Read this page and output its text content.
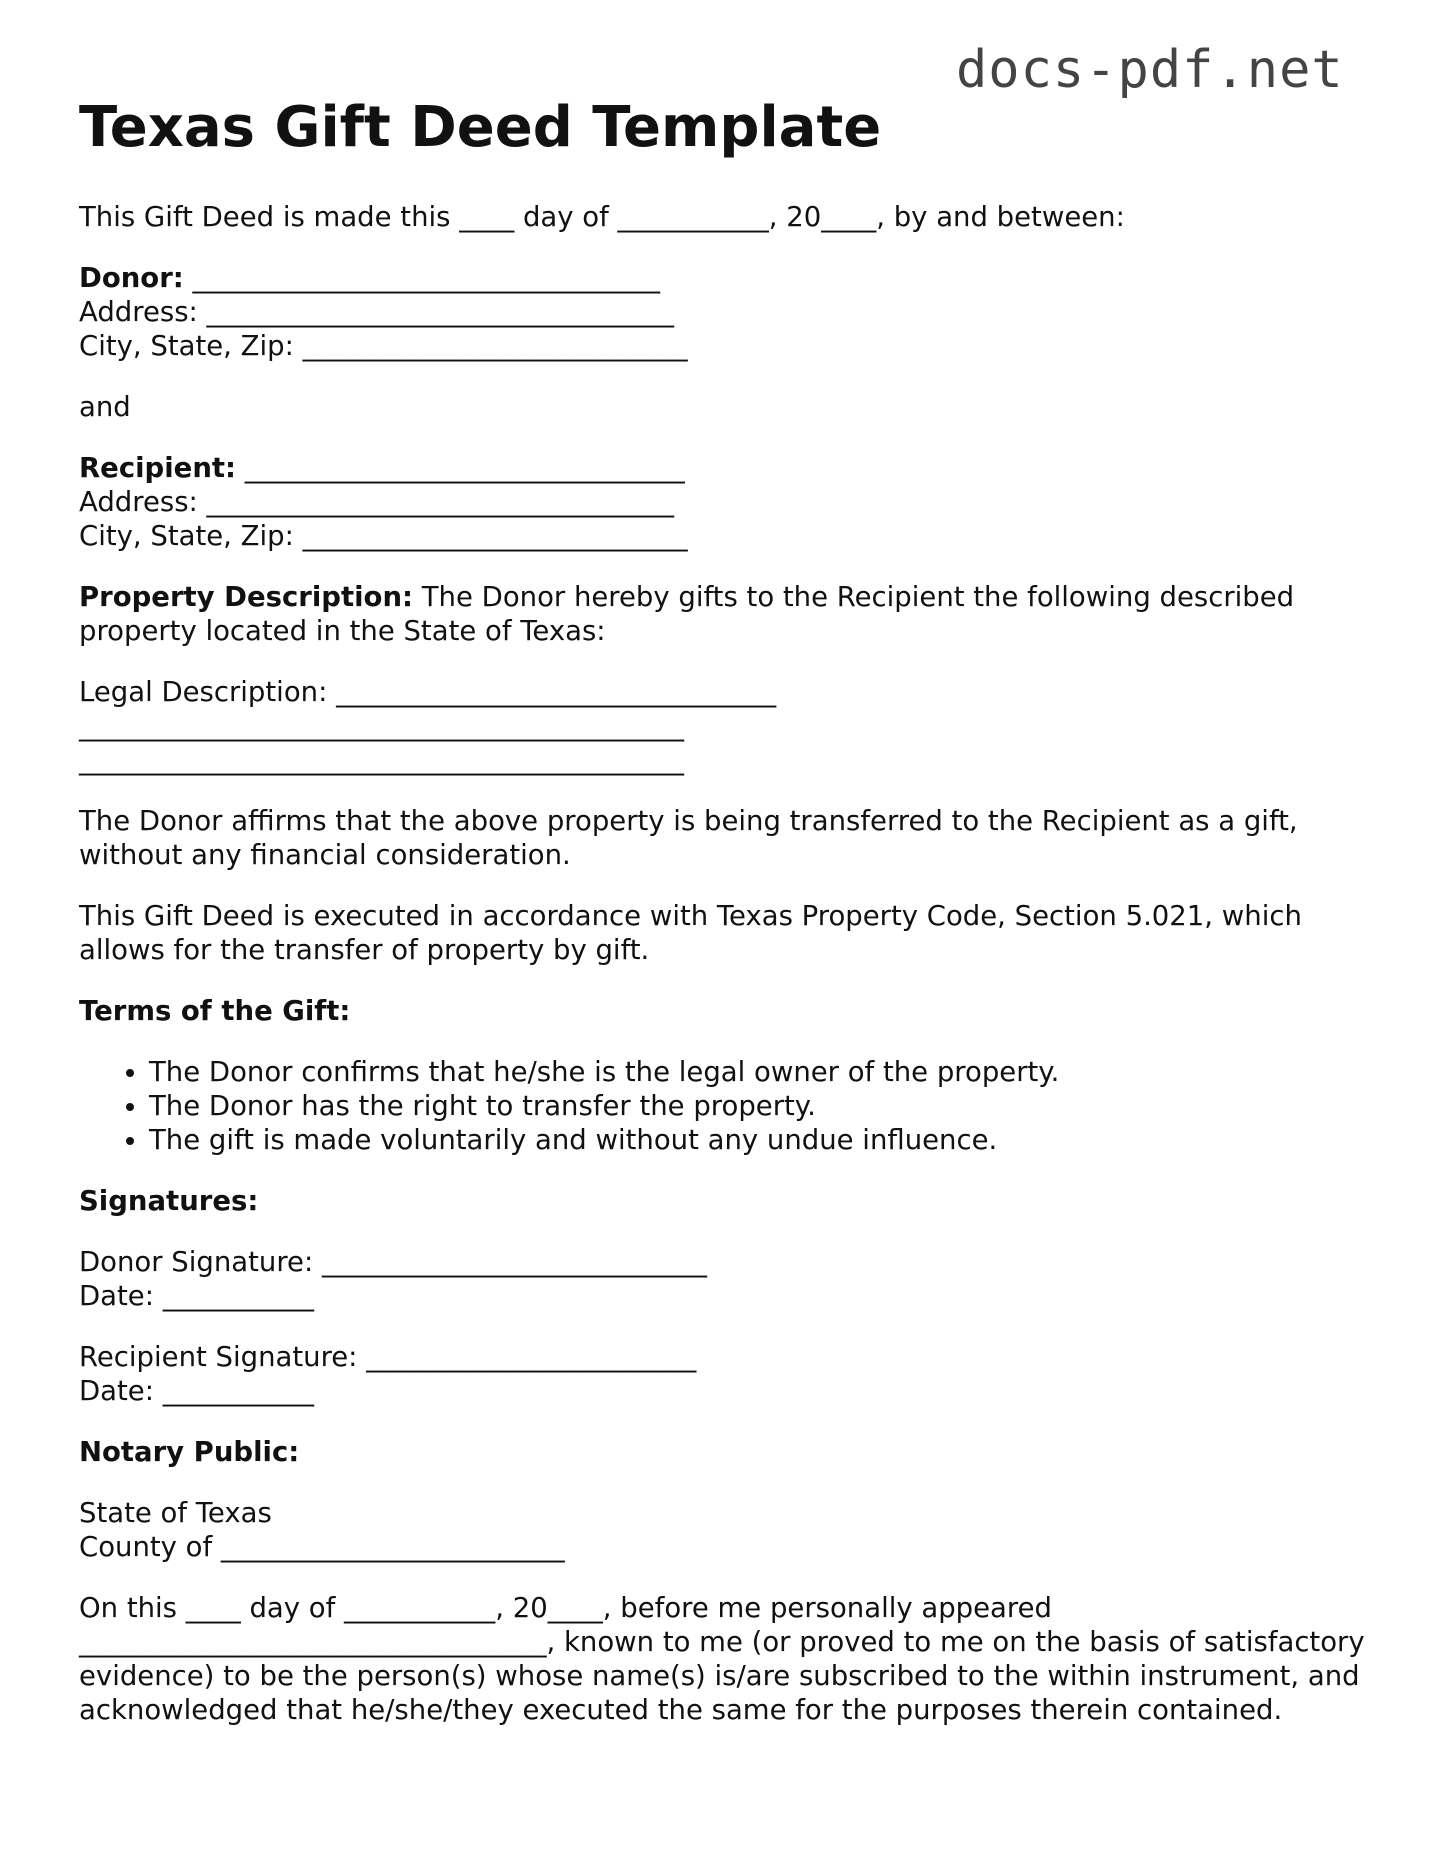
docs-pdf.net
Texas Gift Deed Template

This Gift Deed is made this ____ day of ___________, 20____, by and between:

Donor: __________________________________
Address: __________________________________
City, State, Zip: ____________________________

and

Recipient: ________________________________
Address: __________________________________
City, State, Zip: ____________________________

Property Description: The Donor hereby gifts to the Recipient the following described property located in the State of Texas:

Legal Description: ________________________________
____________________________________________
____________________________________________

The Donor affirms that the above property is being transferred to the Recipient as a gift, without any financial consideration.

This Gift Deed is executed in accordance with Texas Property Code, Section 5.021, which allows for the transfer of property by gift.

Terms of the Gift:

• The Donor confirms that he/she is the legal owner of the property.
• The Donor has the right to transfer the property.
• The gift is made voluntarily and without any undue influence.

Signatures:

Donor Signature: ____________________________
Date: ___________

Recipient Signature: ________________________
Date: ___________

Notary Public:

State of Texas
County of _________________________

On this ____ day of ___________, 20____, before me personally appeared __________________________________, known to me (or proved to me on the basis of satisfactory evidence) to be the person(s) whose name(s) is/are subscribed to the within instrument, and acknowledged that he/she/they executed the same for the purposes therein contained.
